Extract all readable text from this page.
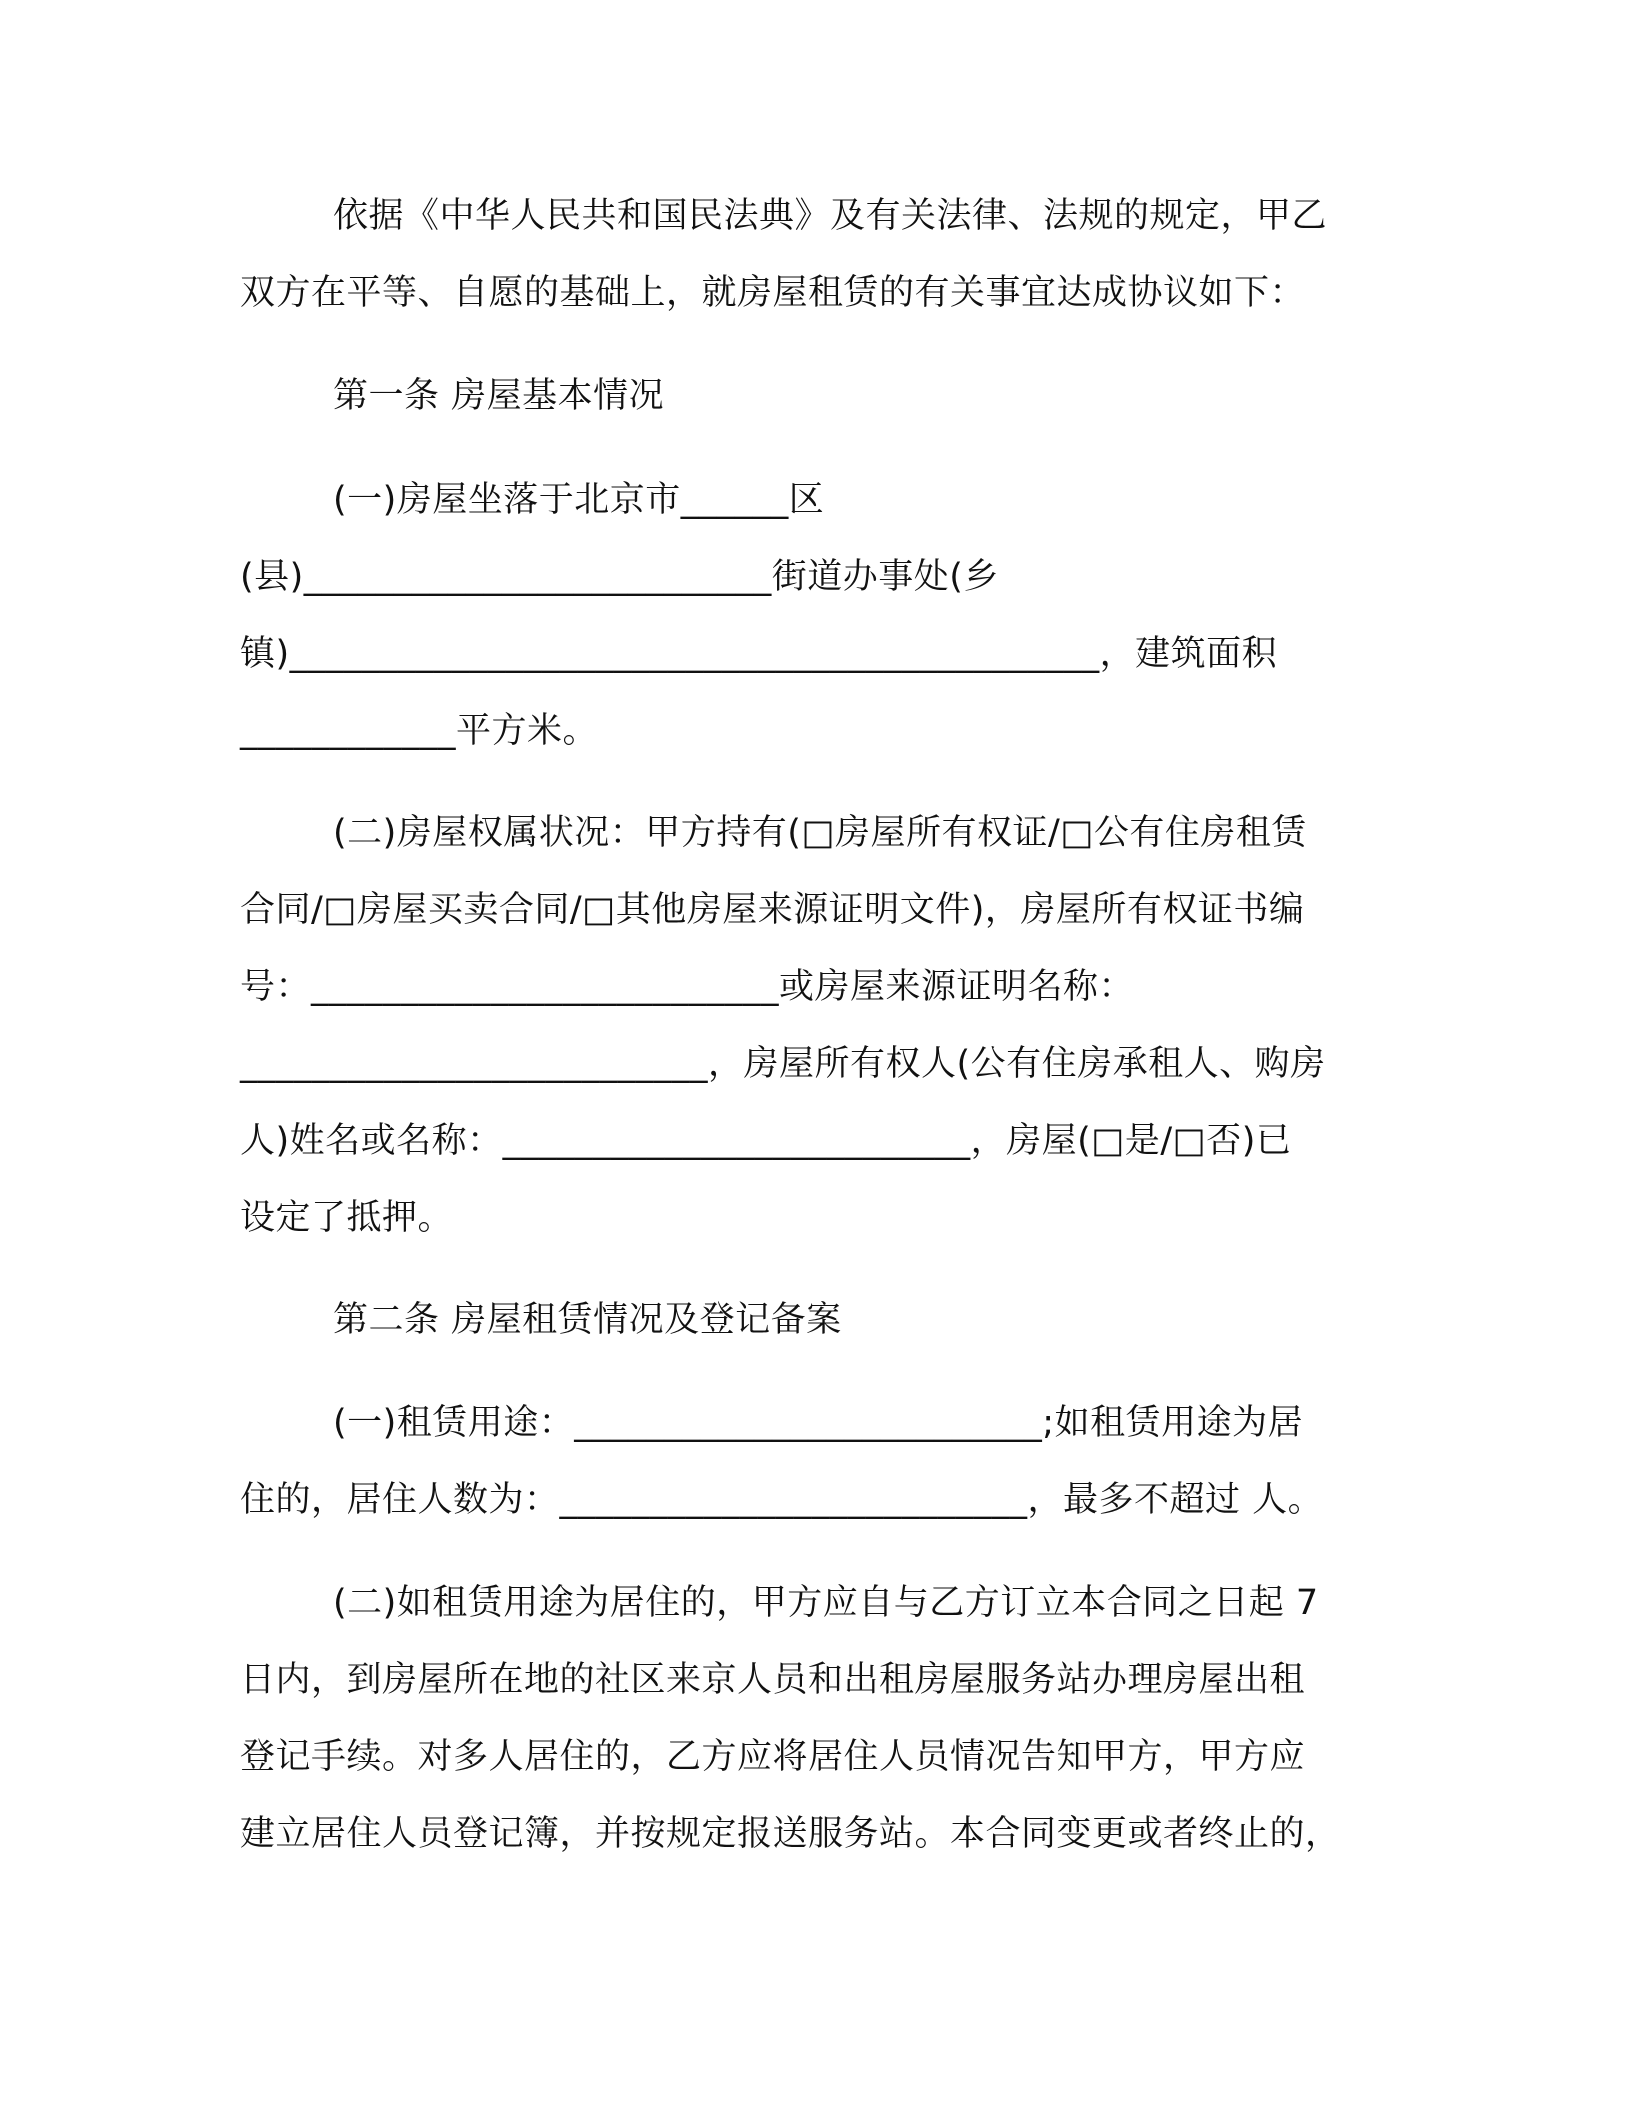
依据《中华人民共和国民法典》及有关法律、法规的规定，甲乙
双方在平等、自愿的基础上，就房屋租赁的有关事宜达成协议如下：
第一条 房屋基本情况
(一)房屋坐落于北京市______区
(县)__________________________街道办事处(乡
镇)_____________________________________________，建筑面积
____________平方米。
(二)房屋权属状况：甲方持有(□房屋所有权证/□公有住房租赁
合同/□房屋买卖合同/□其他房屋来源证明文件)，房屋所有权证书编
号：__________________________或房屋来源证明名称：
__________________________，房屋所有权人(公有住房承租人、购房
人)姓名或名称：__________________________，房屋(□是/□否)已
设定了抵押。
第二条 房屋租赁情况及登记备案
(一)租赁用途：__________________________;如租赁用途为居
住的，居住人数为：__________________________，最多不超过 人。
(二)如租赁用途为居住的，甲方应自与乙方订立本合同之日起 7
日内，到房屋所在地的社区来京人员和出租房屋服务站办理房屋出租
登记手续。对多人居住的，乙方应将居住人员情况告知甲方，甲方应
建立居住人员登记簿，并按规定报送服务站。本合同变更或者终止的，
